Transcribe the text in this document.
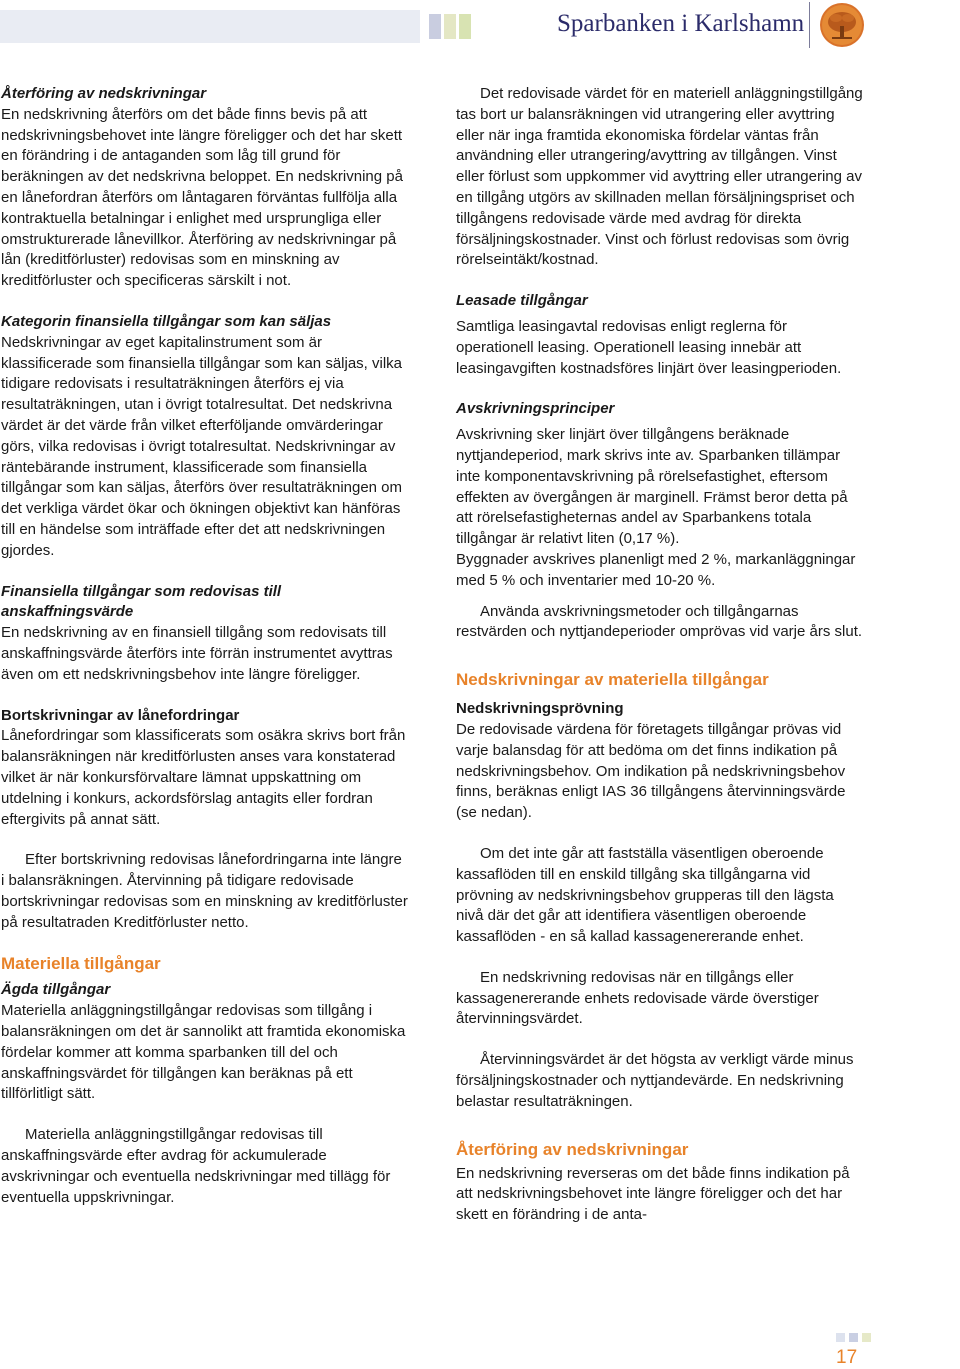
Sparbanken i Karlshamn
Återföring av nedskrivningar

En nedskrivning återförs om det både finns bevis på att nedskrivningsbehovet inte längre föreligger och det har skett en förändring i de antaganden som låg till grund för beräkningen av det nedskrivna beloppet. En nedskrivning på en lånefordran återförs om låntagaren förväntas fullfölja alla kontraktuella betalningar i enlighet med ursprungliga eller omstrukturerade lånevillkor. Återföring av nedskrivningar på lån (kreditförluster) redovisas som en minskning av kreditförluster och specificeras särskilt i not.

Kategorin finansiella tillgångar som kan säljas

Nedskrivningar av eget kapitalinstrument som är klassificerade som finansiella tillgångar som kan säljas, vilka tidigare redovisats i resultaträkningen återförs ej via resultaträkningen, utan i övrigt totalresultat. Det nedskrivna värdet är det värde från vilket efterföljande omvärderingar görs, vilka redovisas i övrigt totalresultat. Nedskrivningar av räntebärande instrument, klassificerade som finansiella tillgångar som kan säljas, återförs över resultaträkningen om det verkliga värdet ökar och ökningen objektivt kan hänföras till en händelse som inträffade efter det att nedskrivningen gjordes.

Finansiella tillgångar som redovisas till anskaffningsvärde

En nedskrivning av en finansiell tillgång som redovisats till anskaffningsvärde återförs inte förrän instrumentet avyttras även om ett nedskrivningsbehov inte längre föreligger.

Bortskrivningar av lånefordringar

Lånefordringar som klassificerats som osäkra skrivs bort från balansräkningen när kreditförlusten anses vara konstaterad vilket är när konkursförvaltare lämnat uppskattning om utdelning i konkurs, ackordsförslag antagits eller fordran eftergivits på annat sätt.

Efter bortskrivning redovisas lånefordringarna inte längre i balansräkningen. Återvinning på tidigare redovisade bortskrivningar redovisas som en minskning av kreditförluster på resultatraden Kreditförluster netto.

Materiella tillgångar
Ägda tillgångar

Materiella anläggningstillgångar redovisas som tillgång i balansräkningen om det är sannolikt att framtida ekonomiska fördelar kommer att komma sparbanken till del och anskaffningsvärdet för tillgången kan beräknas på ett tillförlitligt sätt.

Materiella anläggningstillgångar redovisas till anskaffningsvärde efter avdrag för ackumulerade avskrivningar och eventuella nedskrivningar med tillägg för eventuella uppskrivningar.

Det redovisade värdet för en materiell anläggningstillgång tas bort ur balansräkningen vid utrangering eller avyttring eller när inga framtida ekonomiska fördelar väntas från användning eller utrangering/avyttring av tillgången. Vinst eller förlust som uppkommer vid avyttring eller utrangering av en tillgång utgörs av skillnaden mellan försäljningspriset och tillgångens redovisade värde med avdrag för direkta försäljningskostnader. Vinst och förlust redovisas som övrig rörelseintäkt/kostnad.

Leasade tillgångar

Samtliga leasingavtal redovisas enligt reglerna för operationell leasing. Operationell leasing innebär att leasingavgiften kostnadsföres linjärt över leasingperioden.

Avskrivningsprinciper

Avskrivning sker linjärt över tillgångens beräknade nyttjandeperiod, mark skrivs inte av. Sparbanken tillämpar inte komponentavskrivning på rörelsefastighet, eftersom effekten av övergången är marginell. Främst beror detta på att rörelsefastigheternas andel av Sparbankens totala tillgångar är relativt liten (0,17 %).

Byggnader avskrives planenligt med 2 %, markanläggningar med 5 % och inventarier med 10-20 %.

Använda avskrivningsmetoder och tillgångarnas restvärden och nyttjandeperioder omprövas vid varje års slut.

Nedskrivningar av materiella tillgångar
Nedskrivningsprövning

De redovisade värdena för företagets tillgångar prövas vid varje balansdag för att bedöma om det finns indikation på nedskrivningsbehov. Om indikation på nedskrivningsbehov finns, beräknas enligt IAS 36 tillgångens återvinningsvärde (se nedan).

Om det inte går att fastställa väsentligen oberoende kassaflöden till en enskild tillgång ska tillgångarna vid prövning av nedskrivningsbehov grupperas till den lägsta nivå där det går att identifiera väsentligen oberoende kassaflöden - en så kallad kassagenererande enhet.

En nedskrivning redovisas när en tillgångs eller kassagenererande enhets redovisade värde överstiger återvinningsvärdet.

Återvinningsvärdet är det högsta av verkligt värde minus försäljningskostnader och nyttjandevärde. En nedskrivning belastar resultaträkningen.

Återföring av nedskrivningar

En nedskrivning reverseras om det både finns indikation på att nedskrivningsbehovet inte längre föreligger och det har skett en förändring i de anta-

17
